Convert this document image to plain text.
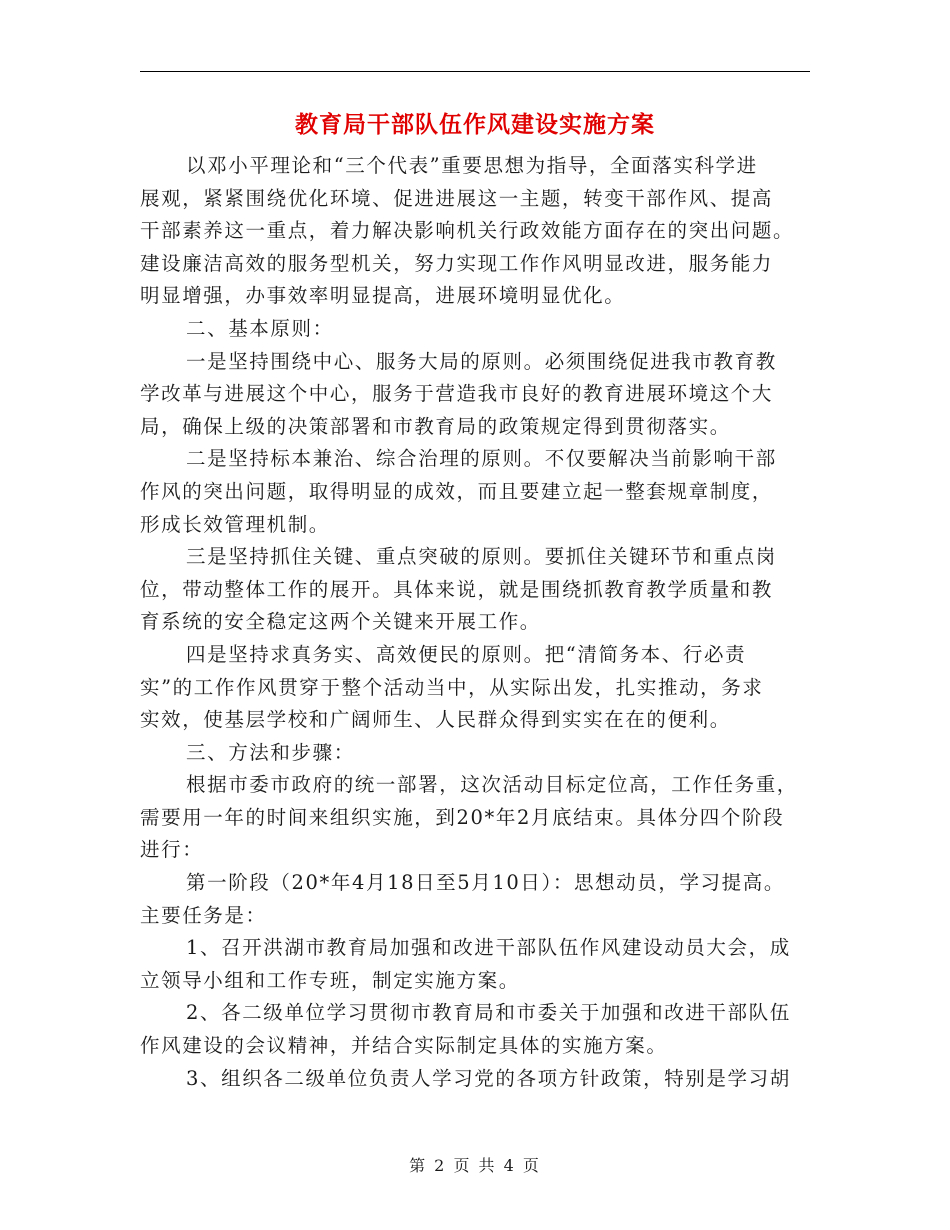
教育局干部队伍作风建设实施方案
以邓小平理论和“三个代表”重要思想为指导，全面落实科学进
展观，紧紧围绕优化环境、促进进展这一主题，转变干部作风、提高
干部素养这一重点，着力解决影响机关行政效能方面存在的突出问题。
建设廉洁高效的服务型机关，努力实现工作作风明显改进，服务能力
明显增强，办事效率明显提高，进展环境明显优化。
二、基本原则：
一是坚持围绕中心、服务大局的原则。必须围绕促进我市教育教
学改革与进展这个中心，服务于营造我市良好的教育进展环境这个大
局，确保上级的决策部署和市教育局的政策规定得到贯彻落实。
二是坚持标本兼治、综合治理的原则。不仅要解决当前影响干部
作风的突出问题，取得明显的成效，而且要建立起一整套规章制度，
形成长效管理机制。
三是坚持抓住关键、重点突破的原则。要抓住关键环节和重点岗
位，带动整体工作的展开。具体来说，就是围绕抓教育教学质量和教
育系统的安全稳定这两个关键来开展工作。
四是坚持求真务实、高效便民的原则。把“清简务本、行必责
实”的工作作风贯穿于整个活动当中，从实际出发，扎实推动，务求
实效，使基层学校和广阔师生、人民群众得到实实在在的便利。
三、方法和步骤：
根据市委市政府的统一部署，这次活动目标定位高，工作任务重，
需要用一年的时间来组织实施，到20*年2月底结束。具体分四个阶段
进行：
第一阶段（20*年4月18日至5月10日）：思想动员，学习提高。
主要任务是：
1、召开洪湖市教育局加强和改进干部队伍作风建设动员大会，成
立领导小组和工作专班，制定实施方案。
2、各二级单位学习贯彻市教育局和市委关于加强和改进干部队伍
作风建设的会议精神，并结合实际制定具体的实施方案。
3、组织各二级单位负责人学习党的各项方针政策，特别是学习胡
第 2 页 共 4 页
